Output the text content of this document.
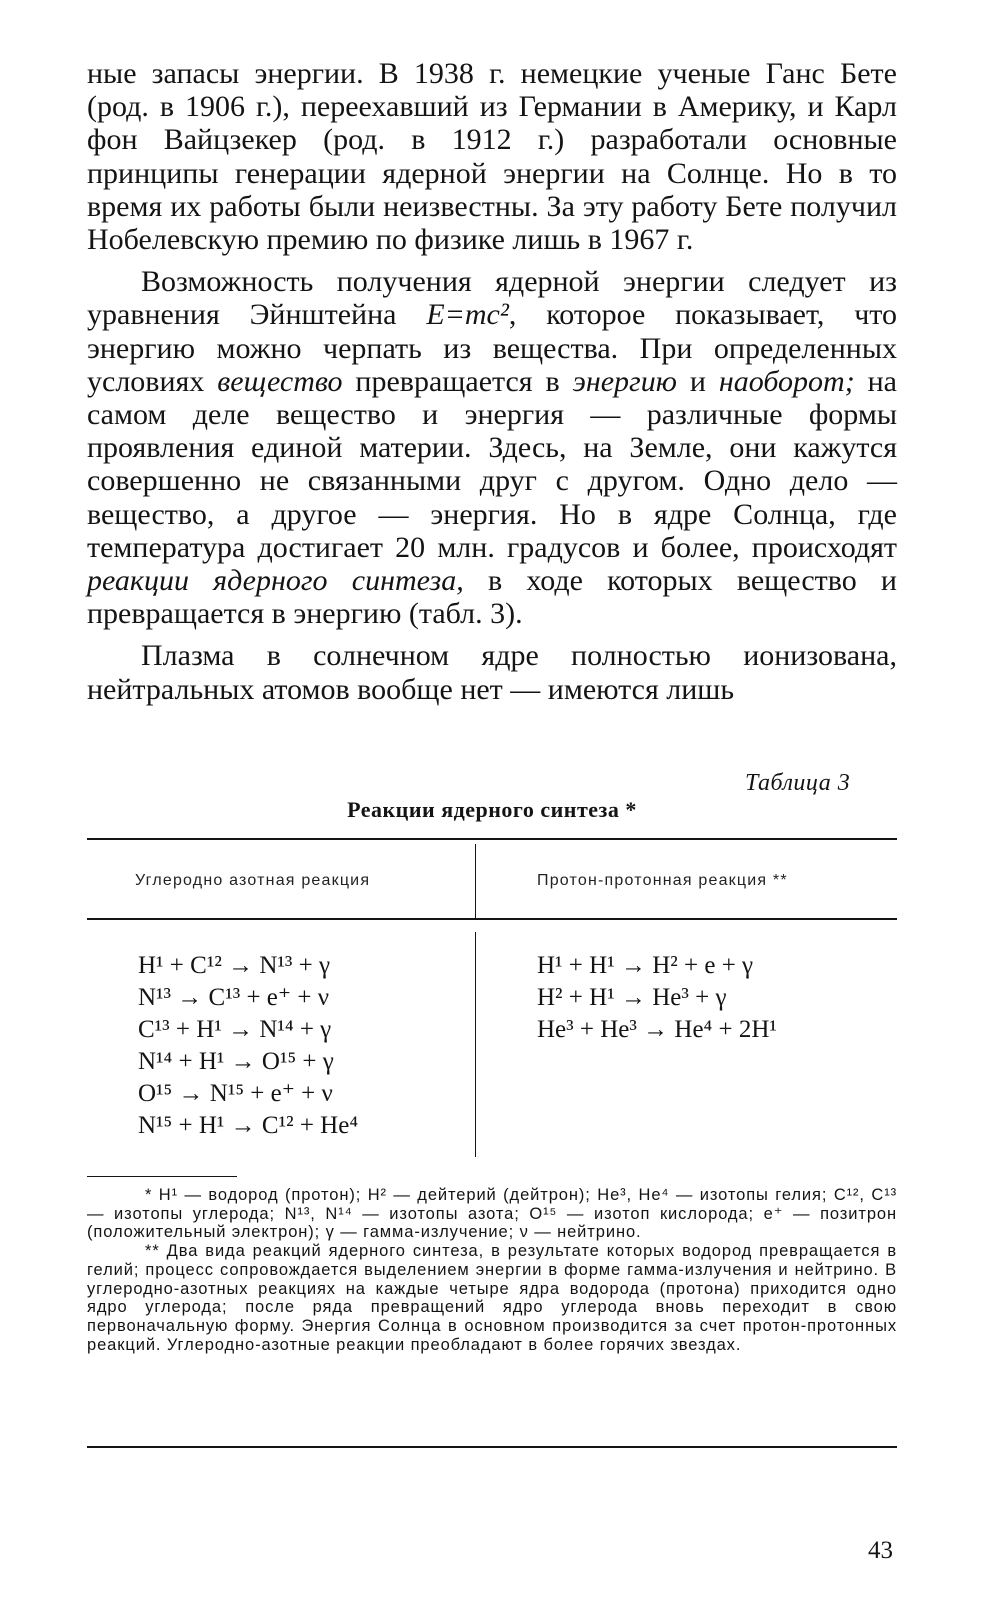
ные запасы энергии. В 1938 г. немецкие ученые Ганс Бете (род. в 1906 г.), переехавший из Германии в Америку, и Карл фон Вайцзекер (род. в 1912 г.) разработали основные принципы генерации ядерной энергии на Солнце. Но в то время их работы были неизвестны. За эту работу Бете получил Нобелевскую премию по физике лишь в 1967 г.

Возможность получения ядерной энергии следует из уравнения Эйнштейна E=mc², которое показывает, что энергию можно черпать из вещества. При определенных условиях вещество превращается в энергию и наоборот; на самом деле вещество и энергия — различные формы проявления единой материи. Здесь, на Земле, они кажутся совершенно не связанными друг с другом. Одно дело — вещество, а другое — энергия. Но в ядре Солнца, где температура достигает 20 млн. градусов и более, происходят реакции ядерного синтеза, в ходе которых вещество и превращается в энергию (табл. 3).

Плазма в солнечном ядре полностью ионизована, нейтральных атомов вообще нет — имеются лишь

Таблица 3
Реакции ядерного синтеза *
Углеродно азотная реакция	Протон-протонная реакция **
H¹ + C¹² → N¹³ + γ
N¹³ → C¹³ + e⁺ + ν
C¹³ + H¹ → N¹⁴ + γ
N¹⁴ + H¹ → O¹⁵ + γ
O¹⁵ → N¹⁵ + e⁺ + ν
N¹⁵ + H¹ → C¹² + He⁴
H¹ + H¹ → H² + e + γ
H² + H¹ → He³ + γ
He³ + He³ → He⁴ + 2H¹

* H¹ — водород (протон); H² — дейтерий (дейтрон); He³, He⁴ — изотопы гелия; C¹², C¹³ — изотопы углерода; N¹³, N¹⁴ — изотопы азота; O¹⁵ — изотоп кислорода; e⁺ — позитрон (положительный электрон); γ — гамма-излучение; ν — нейтрино.

** Два вида реакций ядерного синтеза, в результате которых водород превращается в гелий; процесс сопровождается выделением энергии в форме гамма-излучения и нейтрино. В углеродно-азотных реакциях на каждые четыре ядра водорода (протона) приходится одно ядро углерода; после ряда превращений ядро углерода вновь переходит в свою первоначальную форму. Энергия Солнца в основном производится за счет протон-протонных реакций. Углеродно-азотные реакции преобладают в более горячих звездах.

43
